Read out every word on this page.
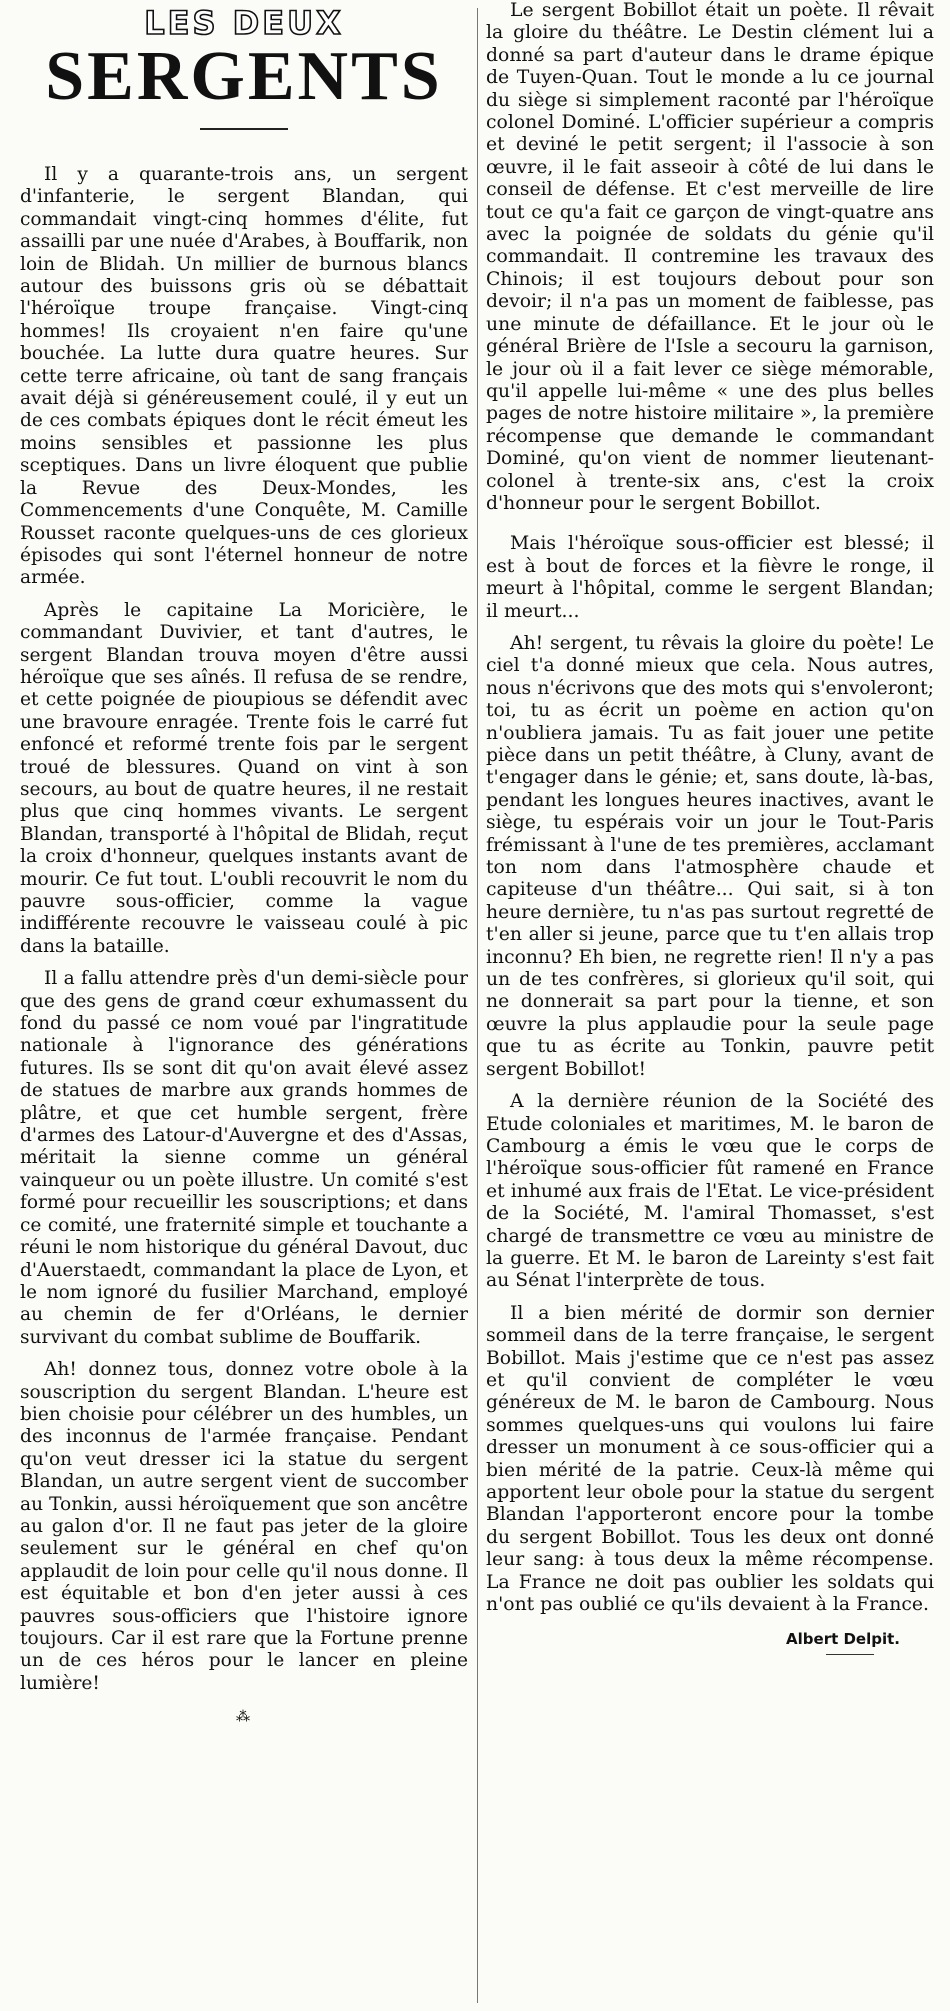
LES DEUX
SERGENTS

Il y a quarante-trois ans, un sergent d'infanterie, le sergent Blandan, qui commandait vingt-cinq hommes d'élite, fut assailli par une nuée d'Arabes, à Bouffarik, non loin de Blidah. Un millier de burnous blancs autour des buissons gris où se débattait l'héroïque troupe française. Vingt-cinq hommes! Ils croyaient n'en faire qu'une bouchée. La lutte dura quatre heures. Sur cette terre africaine, où tant de sang français avait déjà si généreusement coulé, il y eut un de ces combats épiques dont le récit émeut les moins sensibles et passionne les plus sceptiques. Dans un livre éloquent que publie la Revue des Deux-Mondes, les Commencements d'une Conquête, M. Camille Rousset raconte quelques-uns de ces glorieux épisodes qui sont l'éternel honneur de notre armée.

Après le capitaine La Moricière, le commandant Duvivier, et tant d'autres, le sergent Blandan trouva moyen d'être aussi héroïque que ses aînés. Il refusa de se rendre, et cette poignée de pioupious se défendit avec une bravoure enragée. Trente fois le carré fut enfoncé et reformé trente fois par le sergent troué de blessures. Quand on vint à son secours, au bout de quatre heures, il ne restait plus que cinq hommes vivants. Le sergent Blandan, transporté à l'hôpital de Blidah, reçut la croix d'honneur, quelques instants avant de mourir. Ce fut tout. L'oubli recouvrit le nom du pauvre sous-officier, comme la vague indifférente recouvre le vaisseau coulé à pic dans la bataille.

Il a fallu attendre près d'un demi-siècle pour que des gens de grand cœur exhumassent du fond du passé ce nom voué par l'ingratitude nationale à l'ignorance des générations futures. Ils se sont dit qu'on avait élevé assez de statues de marbre aux grands hommes de plâtre, et que cet humble sergent, frère d'armes des Latour-d'Auvergne et des d'Assas, méritait la sienne comme un général vainqueur ou un poète illustre. Un comité s'est formé pour recueillir les souscriptions; et dans ce comité, une fraternité simple et touchante a réuni le nom historique du général Davout, duc d'Auerstaedt, commandant la place de Lyon, et le nom ignoré du fusilier Marchand, employé au chemin de fer d'Orléans, le dernier survivant du combat sublime de Bouffarik.

Ah! donnez tous, donnez votre obole à la souscription du sergent Blandan. L'heure est bien choisie pour célébrer un des humbles, un des inconnus de l'armée française. Pendant qu'on veut dresser ici la statue du sergent Blandan, un autre sergent vient de succomber au Tonkin, aussi héroïquement que son ancêtre au galon d'or. Il ne faut pas jeter de la gloire seulement sur le général en chef qu'on applaudit de loin pour celle qu'il nous donne. Il est équitable et bon d'en jeter aussi à ces pauvres sous-officiers que l'histoire ignore toujours. Car il est rare que la Fortune prenne un de ces héros pour le lancer en pleine lumière!

⁂

Le sergent Bobillot était un poète. Il rêvait la gloire du théâtre. Le Destin clément lui a donné sa part d'auteur dans le drame épique de Tuyen-Quan. Tout le monde a lu ce journal du siège si simplement raconté par l'héroïque colonel Dominé. L'officier supérieur a compris et deviné le petit sergent; il l'associe à son œuvre, il le fait asseoir à côté de lui dans le conseil de défense. Et c'est merveille de lire tout ce qu'a fait ce garçon de vingt-quatre ans avec la poignée de soldats du génie qu'il commandait. Il contremine les travaux des Chinois; il est toujours debout pour son devoir; il n'a pas un moment de faiblesse, pas une minute de défaillance. Et le jour où le général Brière de l'Isle a secouru la garnison, le jour où il a fait lever ce siège mémorable, qu'il appelle lui-même « une des plus belles pages de notre histoire militaire », la première récompense que demande le commandant Dominé, qu'on vient de nommer lieutenant-colonel à trente-six ans, c'est la croix d'honneur pour le sergent Bobillot.

Mais l'héroïque sous-officier est blessé; il est à bout de forces et la fièvre le ronge, il meurt à l'hôpital, comme le sergent Blandan; il meurt...

Ah! sergent, tu rêvais la gloire du poète! Le ciel t'a donné mieux que cela. Nous autres, nous n'écrivons que des mots qui s'envoleront; toi, tu as écrit un poème en action qu'on n'oubliera jamais. Tu as fait jouer une petite pièce dans un petit théâtre, à Cluny, avant de t'engager dans le génie; et, sans doute, là-bas, pendant les longues heures inactives, avant le siège, tu espérais voir un jour le Tout-Paris frémissant à l'une de tes premières, acclamant ton nom dans l'atmosphère chaude et capiteuse d'un théâtre... Qui sait, si à ton heure dernière, tu n'as pas surtout regretté de t'en aller si jeune, parce que tu t'en allais trop inconnu? Eh bien, ne regrette rien! Il n'y a pas un de tes confrères, si glorieux qu'il soit, qui ne donnerait sa part pour la tienne, et son œuvre la plus applaudie pour la seule page que tu as écrite au Tonkin, pauvre petit sergent Bobillot!

A la dernière réunion de la Société des Etude coloniales et maritimes, M. le baron de Cambourg a émis le vœu que le corps de l'héroïque sous-officier fût ramené en France et inhumé aux frais de l'Etat. Le vice-président de la Société, M. l'amiral Thomasset, s'est chargé de transmettre ce vœu au ministre de la guerre. Et M. le baron de Lareinty s'est fait au Sénat l'interprète de tous.

Il a bien mérité de dormir son dernier sommeil dans de la terre française, le sergent Bobillot. Mais j'estime que ce n'est pas assez et qu'il convient de compléter le vœu généreux de M. le baron de Cambourg. Nous sommes quelques-uns qui voulons lui faire dresser un monument à ce sous-officier qui a bien mérité de la patrie. Ceux-là même qui apportent leur obole pour la statue du sergent Blandan l'apporteront encore pour la tombe du sergent Bobillot. Tous les deux ont donné leur sang: à tous deux la même récompense. La France ne doit pas oublier les soldats qui n'ont pas oublié ce qu'ils devaient à la France.

Albert Delpit.
